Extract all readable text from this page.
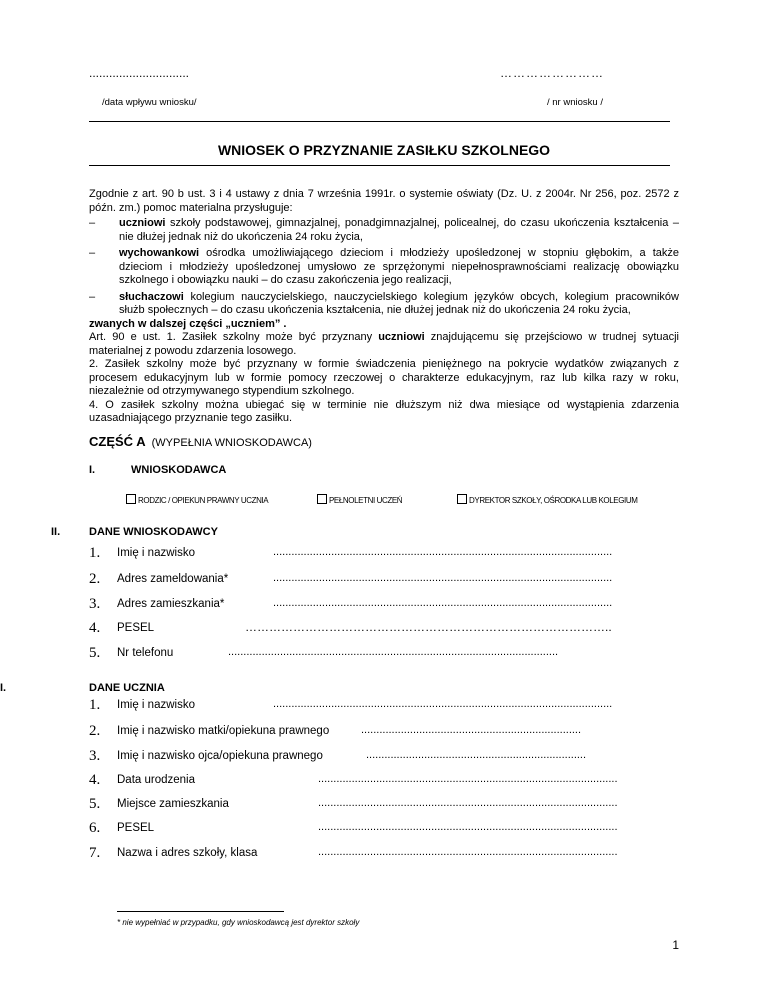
..............................	……………………
/data wpływu wniosku/	/ nr wniosku /
WNIOSEK O PRZYZNANIE ZASIŁKU SZKOLNEGO

Zgodnie z art. 90 b ust. 3 i 4 ustawy z dnia 7 września 1991r. o systemie oświaty (Dz. U. z 2004r. Nr 256, poz. 2572 z późn. zm.) pomoc materialna przysługuje:

– uczniowi szkoły podstawowej, gimnazjalnej, ponadgimnazjalnej, policealnej, do czasu ukończenia kształcenia – nie dłużej jednak niż do ukończenia 24 roku życia,
– wychowankowi ośrodka umożliwiającego dzieciom i młodzieży upośledzonej w stopniu głębokim, a także dzieciom i młodzieży upośledzonej umysłowo ze sprzężonymi niepełnosprawnościami realizację obowiązku szkolnego i obowiązku nauki – do czasu zakończenia jego realizacji,
– słuchaczowi kolegium nauczycielskiego, nauczycielskiego kolegium języków obcych, kolegium pracowników służb społecznych – do czasu ukończenia kształcenia, nie dłużej jednak niż do ukończenia 24 roku życia,

zwanych w dalszej części „uczniem” .

Art. 90 e ust. 1. Zasiłek szkolny może być przyznany uczniowi znajdującemu się przejściowo w trudnej sytuacji materialnej z powodu zdarzenia losowego.

2. Zasiłek szkolny może być przyznany w formie świadczenia pieniężnego na pokrycie wydatków związanych z procesem edukacyjnym lub w formie pomocy rzeczowej o charakterze edukacyjnym, raz lub kilka razy w roku, niezależnie od otrzymywanego stypendium szkolnego.

4. O zasiłek szkolny można ubiegać się w terminie nie dłuższym niż dwa miesiące od wystąpienia zdarzenia uzasadniającego przyznanie tego zasiłku.

CZĘŚĆ A (WYPEŁNIA WNIOSKODAWCA)
I.	WNIOSKODAWCA
RODZIC / OPIEKUN PRAWNY UCZNIA	PEŁNOLETNI UCZEŃ	DYREKTOR SZKOŁY, OŚRODKA LUB KOLEGIUM
II.	DANE WNIOSKODAWCY
1. Imię i nazwisko	...............................................................................................................
2. Adres zameldowania*	...............................................................................................................
3. Adres zamieszkania*	...............................................................................................................
4. PESEL	………………………………………………………………………………..
5. Nr telefonu	............................................................................................................
I.	DANE UCZNIA
1. Imię i nazwisko	...............................................................................................................
2. Imię i nazwisko matki/opiekuna prawnego	........................................................................
3. Imię i nazwisko ojca/opiekuna prawnego	........................................................................
4. Data urodzenia	..................................................................................................
5. Miejsce zamieszkania	..................................................................................................
6. PESEL	..................................................................................................
7. Nazwa i adres szkoły, klasa	..................................................................................................
* nie wypełniać w przypadku, gdy wnioskodawcą jest dyrektor szkoły
1
